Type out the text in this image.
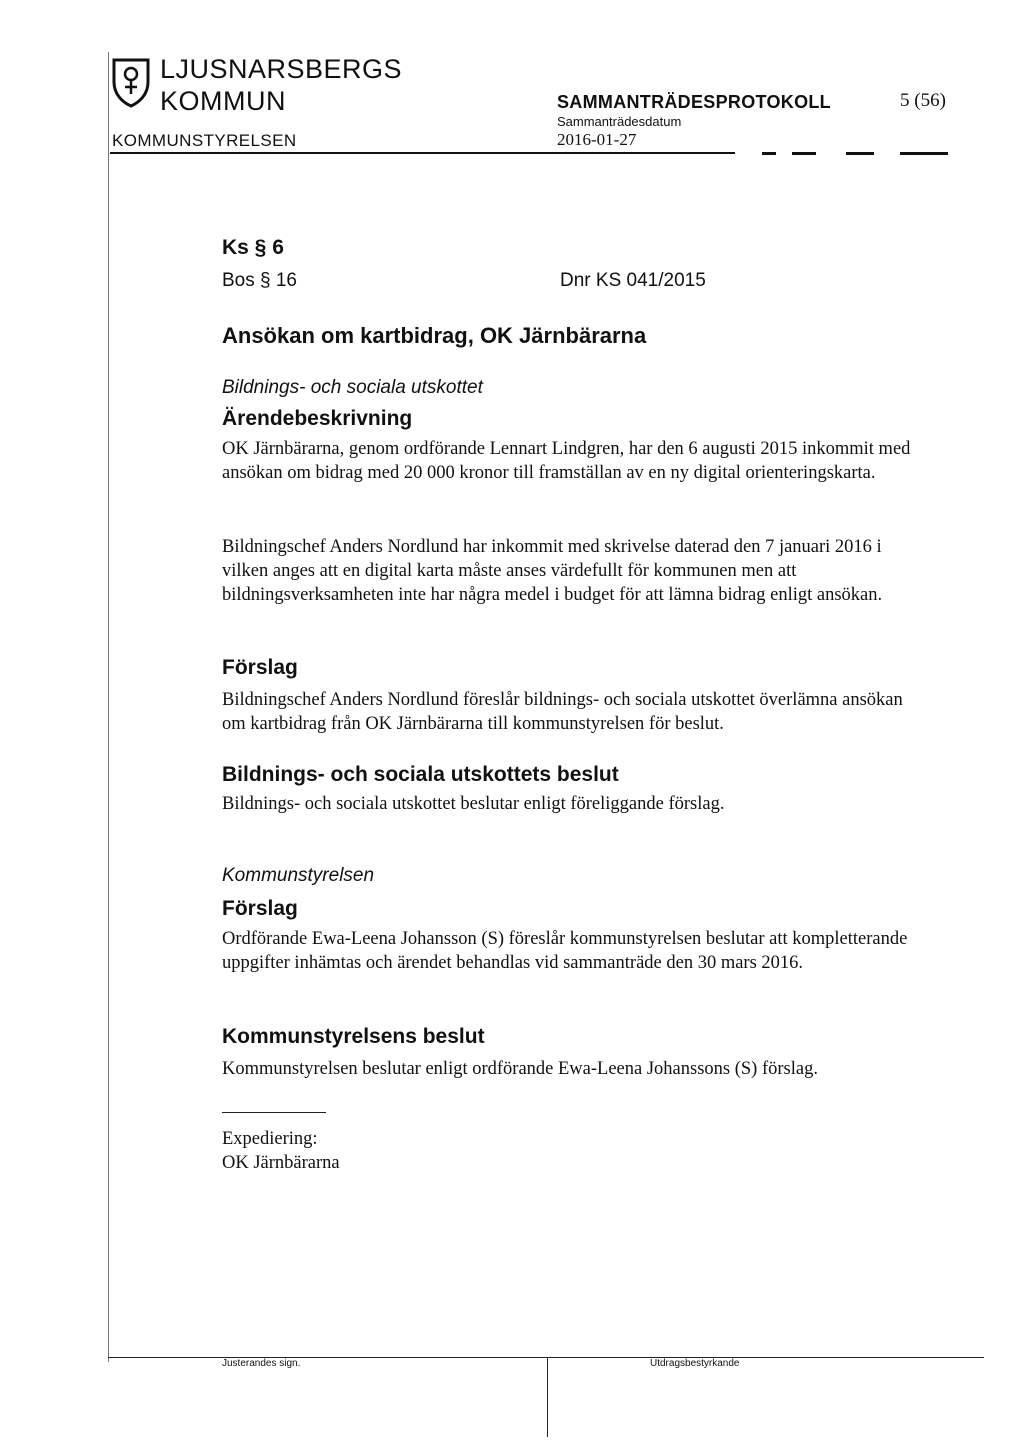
LJUSNARSBERGS
KOMMUN	SAMMANTRÄDESPROTOKOLL	5 (56)
Sammanträdesdatum
KOMMUNSTYRELSEN	2016-01-27
Ks § 6
Bos § 16	Dnr KS 041/2015
Ansökan om kartbidrag, OK Järnbärarna
Bildnings- och sociala utskottet
Ärendebeskrivning
OK Järnbärarna, genom ordförande Lennart Lindgren, har den 6 augusti 2015 inkommit med ansökan om bidrag med 20 000 kronor till framställan av en ny digital orienteringskarta.
Bildningschef Anders Nordlund har inkommit med skrivelse daterad den 7 januari 2016 i vilken anges att en digital karta måste anses värdefullt för kommunen men att bildningsverksamheten inte har några medel i budget för att lämna bidrag enligt ansökan.
Förslag
Bildningschef Anders Nordlund föreslår bildnings- och sociala utskottet överlämna ansökan om kartbidrag från OK Järnbärarna till kommunstyrelsen för beslut.
Bildnings- och sociala utskottets beslut
Bildnings- och sociala utskottet beslutar enligt föreliggande förslag.
Kommunstyrelsen
Förslag
Ordförande Ewa-Leena Johansson (S) föreslår kommunstyrelsen beslutar att kompletterande uppgifter inhämtas och ärendet behandlas vid sammanträde den 30 mars 2016.
Kommunstyrelsens beslut
Kommunstyrelsen beslutar enligt ordförande Ewa-Leena Johanssons (S) förslag.
Expediering:
OK Järnbärarna
Justerandes sign.	Utdragsbestyrkande
